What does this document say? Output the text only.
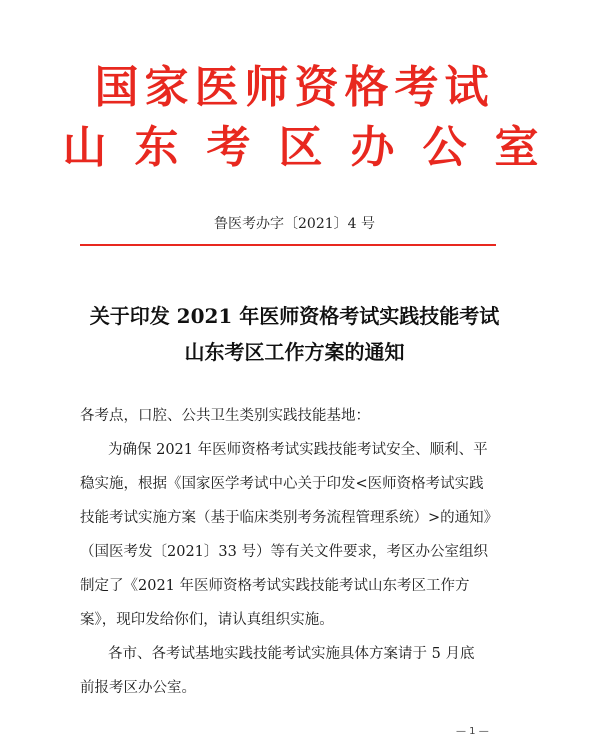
国家医师资格考试
山东考区办公室
鲁医考办字〔2021〕4 号
关于印发 2021 年医师资格考试实践技能考试
山东考区工作方案的通知
各考点，口腔、公共卫生类别实践技能基地：
为确保 2021 年医师资格考试实践技能考试安全、顺利、平
稳实施，根据《国家医学考试中心关于印发<医师资格考试实践
技能考试实施方案（基于临床类别考务流程管理系统）>的通知》
（国医考发〔2021〕33 号）等有关文件要求，考区办公室组织
制定了《2021 年医师资格考试实践技能考试山东考区工作方
案》，现印发给你们，请认真组织实施。
各市、各考试基地实践技能考试实施具体方案请于 5 月底
前报考区办公室。
— 1 —
